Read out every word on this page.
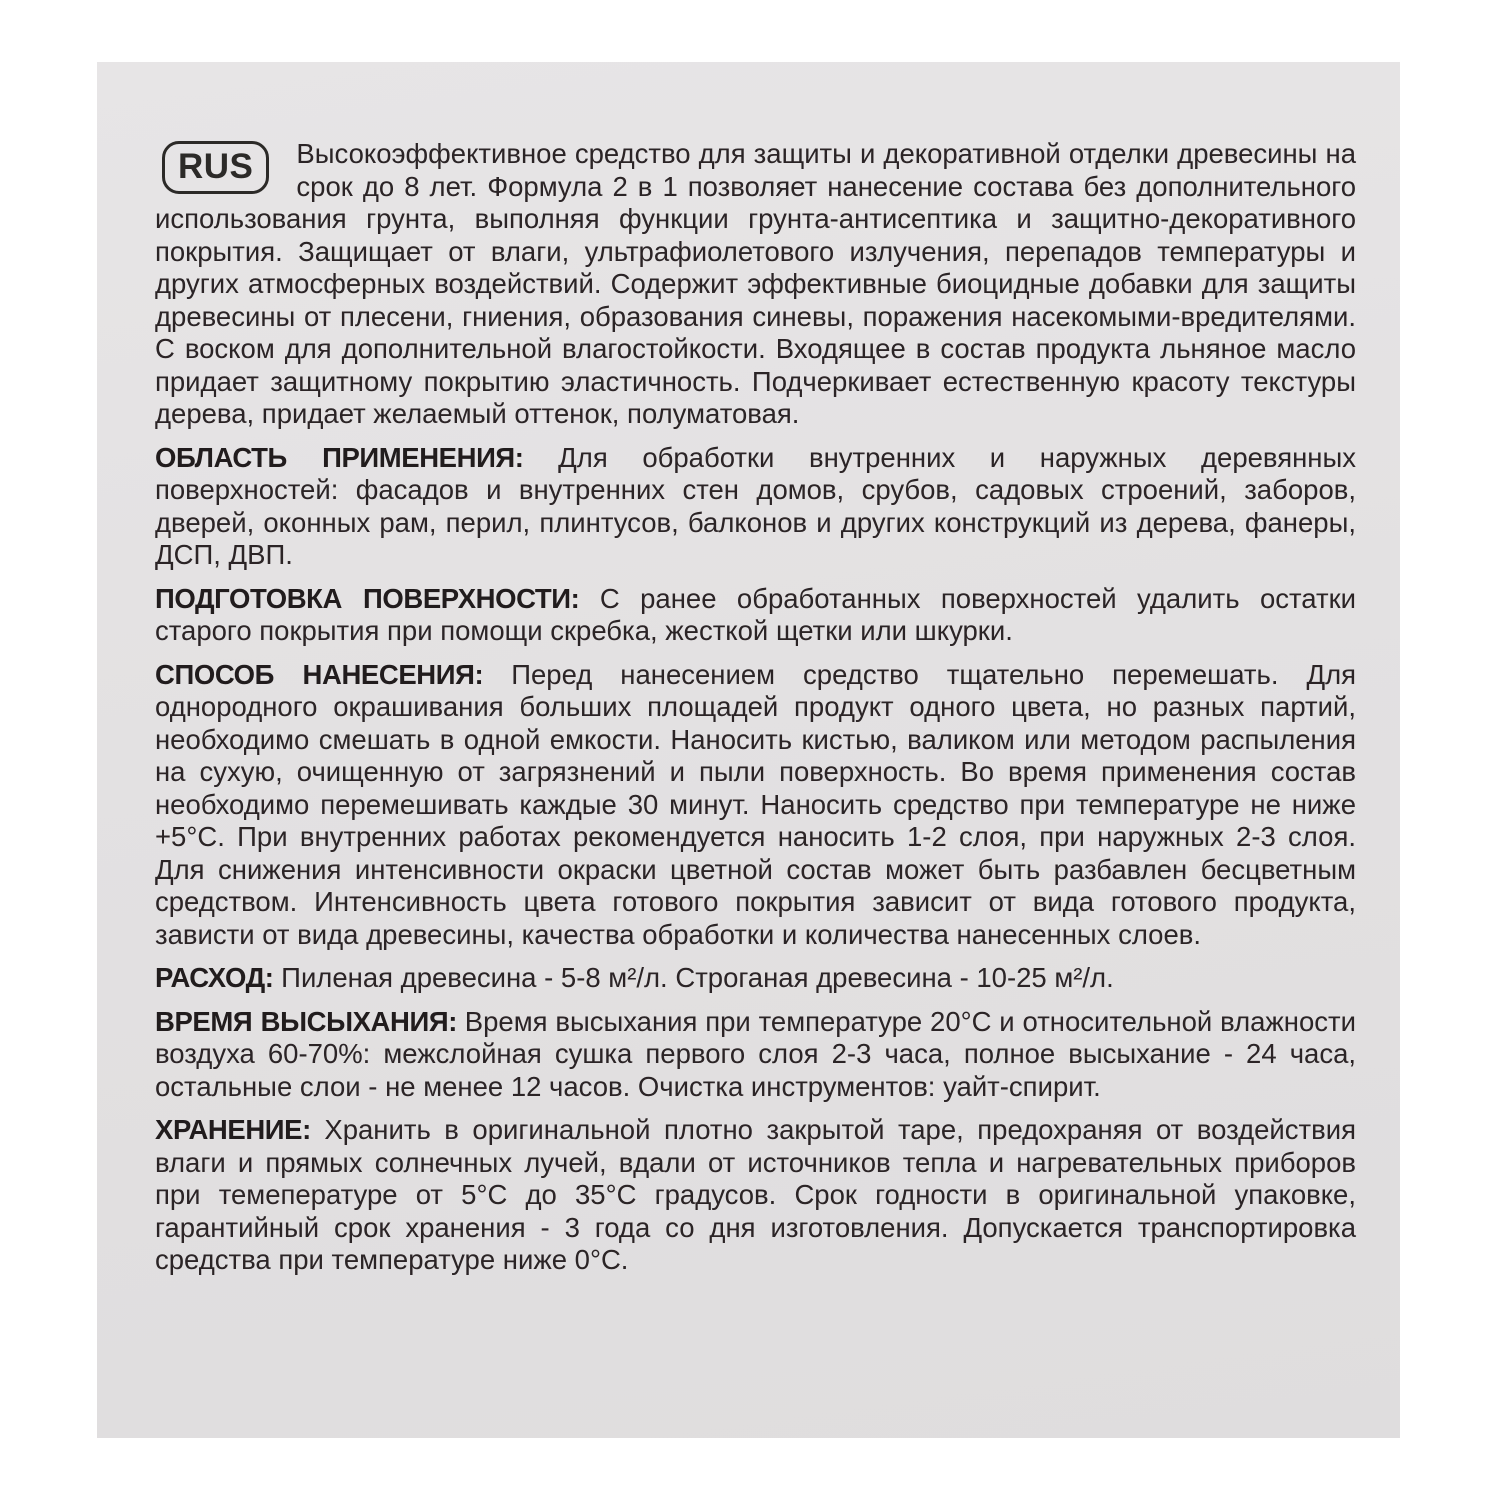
RUS	Высокоэффективное средство для защиты и декоративной отделки древесины на срок до 8 лет. Формула 2 в 1 позволяет нанесение состава без дополнительного использования грунта, выполняя функции грунта-антисептика и защитно-декоративного покрытия. Защищает от влаги, ультрафиолетового излучения, перепадов температуры и других атмосферных воздействий. Содержит эффективные биоцидные добавки для защиты древесины от плесени, гниения, образования синевы, поражения насекомыми-вредителями. С воском для дополнительной влагостойкости. Входящее в состав продукта льняное масло придает защитному покрытию эластичность. Подчеркивает естественную красоту текстуры дерева, придает желаемый оттенок, полуматовая.
ОБЛАСТЬ ПРИМЕНЕНИЯ: Для обработки внутренних и наружных деревянных поверхностей: фасадов и внутренних стен домов, срубов, садовых строений, заборов, дверей, оконных рам, перил, плинтусов, балконов и других конструкций из дерева, фанеры, ДСП, ДВП.
ПОДГОТОВКА ПОВЕРХНОСТИ: С ранее обработанных поверхностей удалить остатки старого покрытия при помощи скребка, жесткой щетки или шкурки.
СПОСОБ НАНЕСЕНИЯ: Перед нанесением средство тщательно перемешать. Для однородного окрашивания больших площадей продукт одного цвета, но разных партий, необходимо смешать в одной емкости. Наносить кистью, валиком или методом распыления на сухую, очищенную от загрязнений и пыли поверхность. Во время применения состав необходимо перемешивать каждые 30 минут. Наносить средство при температуре не ниже +5°С. При внутренних работах рекомендуется наносить 1-2 слоя, при наружных 2-3 слоя. Для снижения интенсивности окраски цветной состав может быть разбавлен бесцветным средством. Интенсивность цвета готового покрытия зависит от вида готового продукта, зависти от вида древесины, качества обработки и количества нанесенных слоев.
РАСХОД: Пиленая древесина - 5-8 м²/л. Строганая древесина - 10-25 м²/л.
ВРЕМЯ ВЫСЫХАНИЯ: Время высыхания при температуре 20°С и относительной влажности воздуха 60-70%: межслойная сушка первого слоя 2-3 часа, полное высыхание - 24 часа, остальные слои - не менее 12 часов. Очистка инструментов: уайт-спирит.
ХРАНЕНИЕ: Хранить в оригинальной плотно закрытой таре, предохраняя от воздействия влаги и прямых солнечных лучей, вдали от источников тепла и нагревательных приборов при темепературе от 5°С до 35°С градусов. Срок годности в оригинальной упаковке, гарантийный срок хранения - 3 года со дня изготовления. Допускается транспортировка средства при температуре ниже 0°С.
